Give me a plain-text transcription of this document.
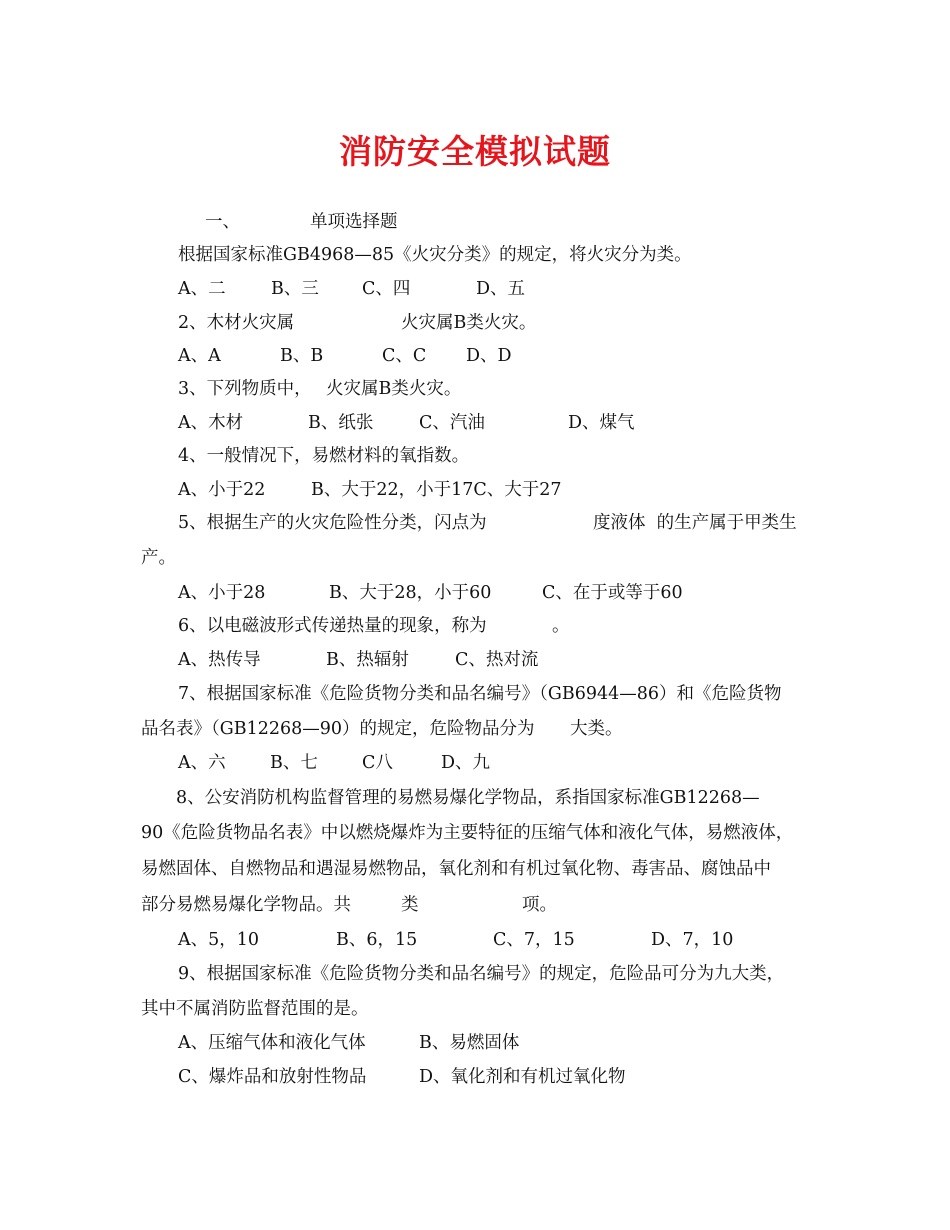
消防安全模拟试题
一、	单项选择题
根据国家标准GB4968—85《火灾分类》的规定，将火灾分为类。
A、二	B、三 C、四	D、五
2、木材火灾属	火灾属B类火灾。
A、A	B、B	C、C D、D
3、下列物质中， 火灾属B类火灾。
A、木材	B、纸张	C、汽油	D、煤气
4、一般情况下，易燃材料的氧指数。
A、小于22	B、大于22，小于17C、大于27
5、根据生产的火灾危险性分类，闪点为	度液体  的生产属于甲类生
产。
A、小于28	B、大于28，小于60	C、在于或等于60
6、以电磁波形式传递热量的现象，称为	。
A、热传导	B、热辐射	C、热对流
7、根据国家标准《危险货物分类和品名编号》（GB6944—86）和《危险货物
品名表》（GB12268—90）的规定，危险物品分为 大类。
A、六	B、七	C八	D、九
8、公安消防机构监督管理的易燃易爆化学物品，系指国家标准GB12268—
90《危险货物品名表》中以燃烧爆炸为主要特征的压缩气体和液化气体，易燃液体，
易燃固体、自燃物品和遇湿易燃物品，氧化剂和有机过氧化物、毒害品、腐蚀品中
部分易燃易爆化学物品。共	类	项。
A、5，10	B、6，15	C、7，15	D、7，10
9、根据国家标准《危险货物分类和品名编号》的规定，危险品可分为九大类，
其中不属消防监督范围的是。
A、压缩气体和液化气体	B、易燃固体
C、爆炸品和放射性物品	D、氧化剂和有机过氧化物
